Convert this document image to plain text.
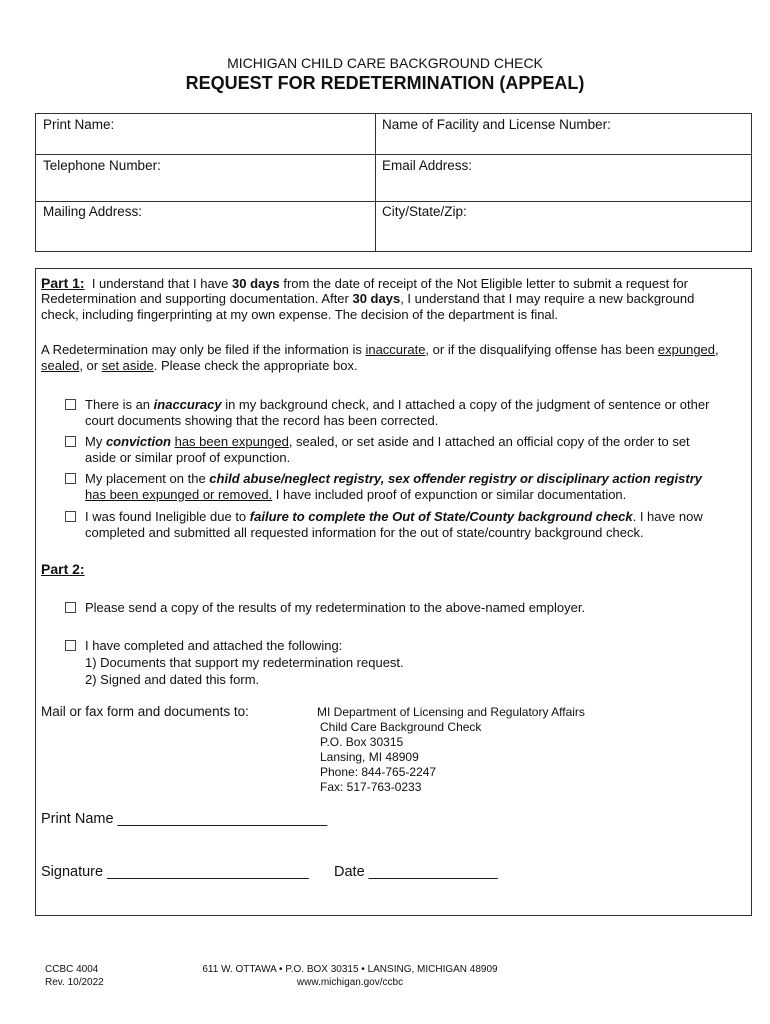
MICHIGAN CHILD CARE BACKGROUND CHECK
REQUEST FOR REDETERMINATION (APPEAL)
Print Name:	Name of Facility and License Number:
Telephone Number:	Email Address:
Mailing Address:	City/State/Zip:
Part 1: I understand that I have 30 days from the date of receipt of the Not Eligible letter to submit a request for
Redetermination and supporting documentation. After 30 days, I understand that I may require a new background
check, including fingerprinting at my own expense. The decision of the department is final.
A Redetermination may only be filed if the information is inaccurate, or if the disqualifying offense has been expunged,
sealed, or set aside. Please check the appropriate box.
There is an inaccuracy in my background check, and I attached a copy of the judgment of sentence or other
court documents showing that the record has been corrected.
My conviction has been expunged, sealed, or set aside and I attached an official copy of the order to set
aside or similar proof of expunction.
My placement on the child abuse/neglect registry, sex offender registry or disciplinary action registry
has been expunged or removed. I have included proof of expunction or similar documentation.
I was found Ineligible due to failure to complete the Out of State/County background check. I have now
completed and submitted all requested information for the out of state/country background check.
Part 2:
Please send a copy of the results of my redetermination to the above-named employer.
I have completed and attached the following:
1) Documents that support my redetermination request.
2) Signed and dated this form.
Mail or fax form and documents to:	MI Department of Licensing and Regulatory Affairs
Child Care Background Check
P.O. Box 30315
Lansing, MI 48909
Phone: 844-765-2247
Fax: 517-763-0233
Print Name __________________________
Signature _________________________ Date ________________
CCBC 4004
Rev. 10/2022
611 W. OTTAWA • P.O. BOX 30315 • LANSING, MICHIGAN 48909
www.michigan.gov/ccbc
